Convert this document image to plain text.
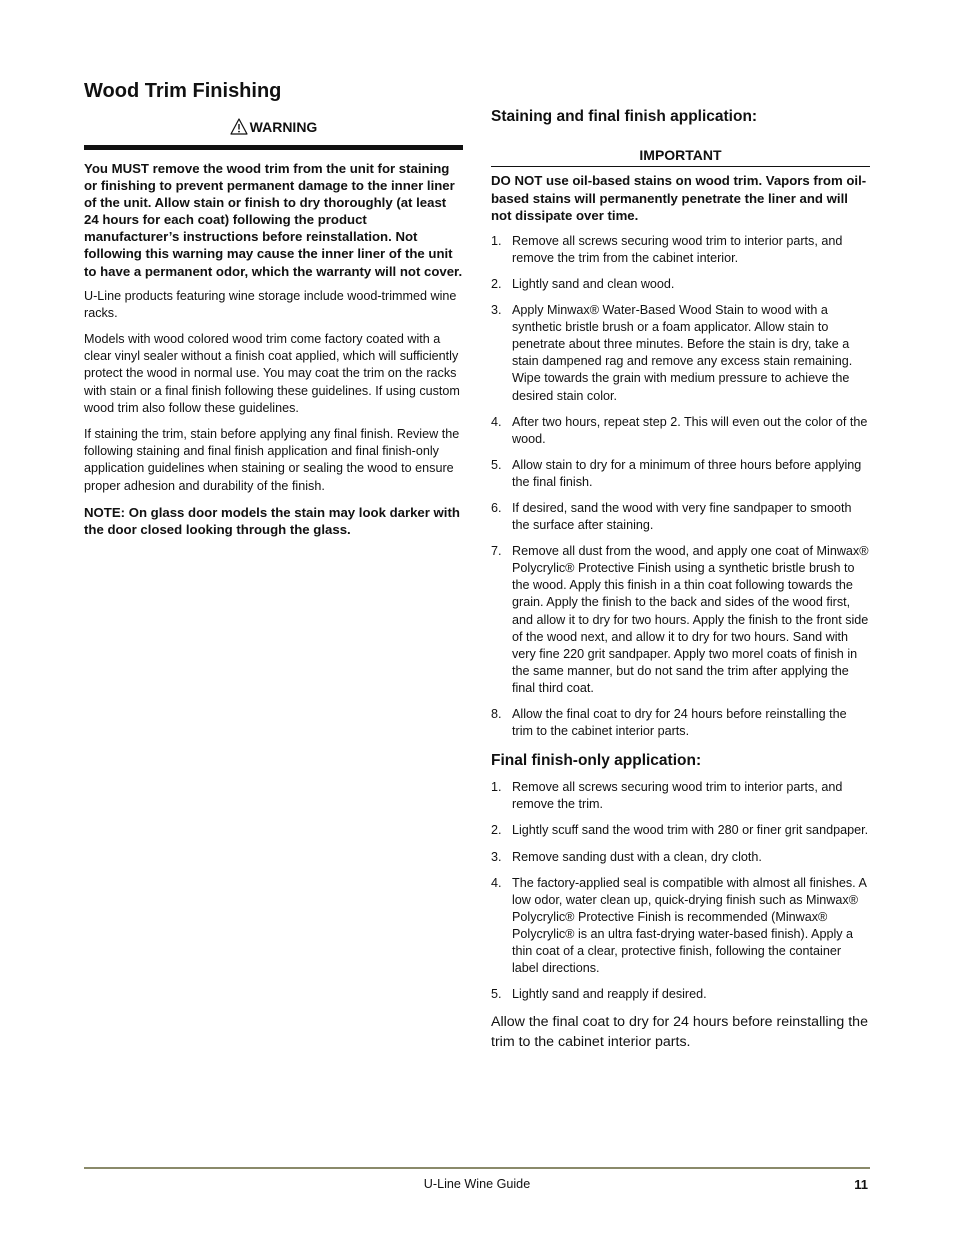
Wood Trim Finishing
WARNING

You MUST remove the wood trim from the unit for staining or finishing to prevent permanent damage to the inner liner of the unit. Allow stain or finish to dry thoroughly (at least 24 hours for each coat) following the product manufacturer’s instructions before reinstallation. Not following this warning may cause the inner liner of the unit to have a permanent odor, which the warranty will not cover.

U-Line products featuring wine storage include wood-trimmed wine racks.

Models with wood colored wood trim come factory coated with a clear vinyl sealer without a finish coat applied, which will sufficiently protect the wood in normal use. You may coat the trim on the racks with stain or a final finish following these guidelines. If using custom wood trim also follow these guidelines.

If staining the trim, stain before applying any final finish. Review the following staining and final finish application and final finish-only application guidelines when staining or sealing the wood to ensure proper adhesion and durability of the finish.

NOTE: On glass door models the stain may look darker with the door closed looking through the glass.

Staining and final finish application:
IMPORTANT

DO NOT use oil-based stains on wood trim. Vapors from oil-based stains will permanently penetrate the liner and will not dissipate over time.

1. Remove all screws securing wood trim to interior parts, and remove the trim from the cabinet interior.
2. Lightly sand and clean wood.
3. Apply Minwax® Water-Based Wood Stain to wood with a synthetic bristle brush or a foam applicator. Allow stain to penetrate about three minutes. Before the stain is dry, take a stain dampened rag and remove any excess stain remaining. Wipe towards the grain with medium pressure to achieve the desired stain color.
4. After two hours, repeat step 2. This will even out the color of the wood.
5. Allow stain to dry for a minimum of three hours before applying the final finish.
6. If desired, sand the wood with very fine sandpaper to smooth the surface after staining.
7. Remove all dust from the wood, and apply one coat of Minwax® Polycrylic® Protective Finish using a synthetic bristle brush to the wood. Apply this finish in a thin coat following towards the grain. Apply the finish to the back and sides of the wood first, and allow it to dry for two hours. Apply the finish to the front side of the wood next, and allow it to dry for two hours. Sand with very fine 220 grit sandpaper. Apply two morel coats of finish in the same manner, but do not sand the trim after applying the final third coat.
8. Allow the final coat to dry for 24 hours before reinstalling the trim to the cabinet interior parts.
Final finish-only application:
1. Remove all screws securing wood trim to interior parts, and remove the trim.
2. Lightly scuff sand the wood trim with 280 or finer grit sandpaper.
3. Remove sanding dust with a clean, dry cloth.
4. The factory-applied seal is compatible with almost all finishes. A low odor, water clean up, quick-drying finish such as Minwax® Polycrylic® Protective Finish is recommended (Minwax® Polycrylic® is an ultra fast-drying water-based finish). Apply a thin coat of a clear, protective finish, following the container label directions.
5. Lightly sand and reapply if desired.

Allow the final coat to dry for 24 hours before reinstalling the trim to the cabinet interior parts.

U-Line Wine Guide	11
